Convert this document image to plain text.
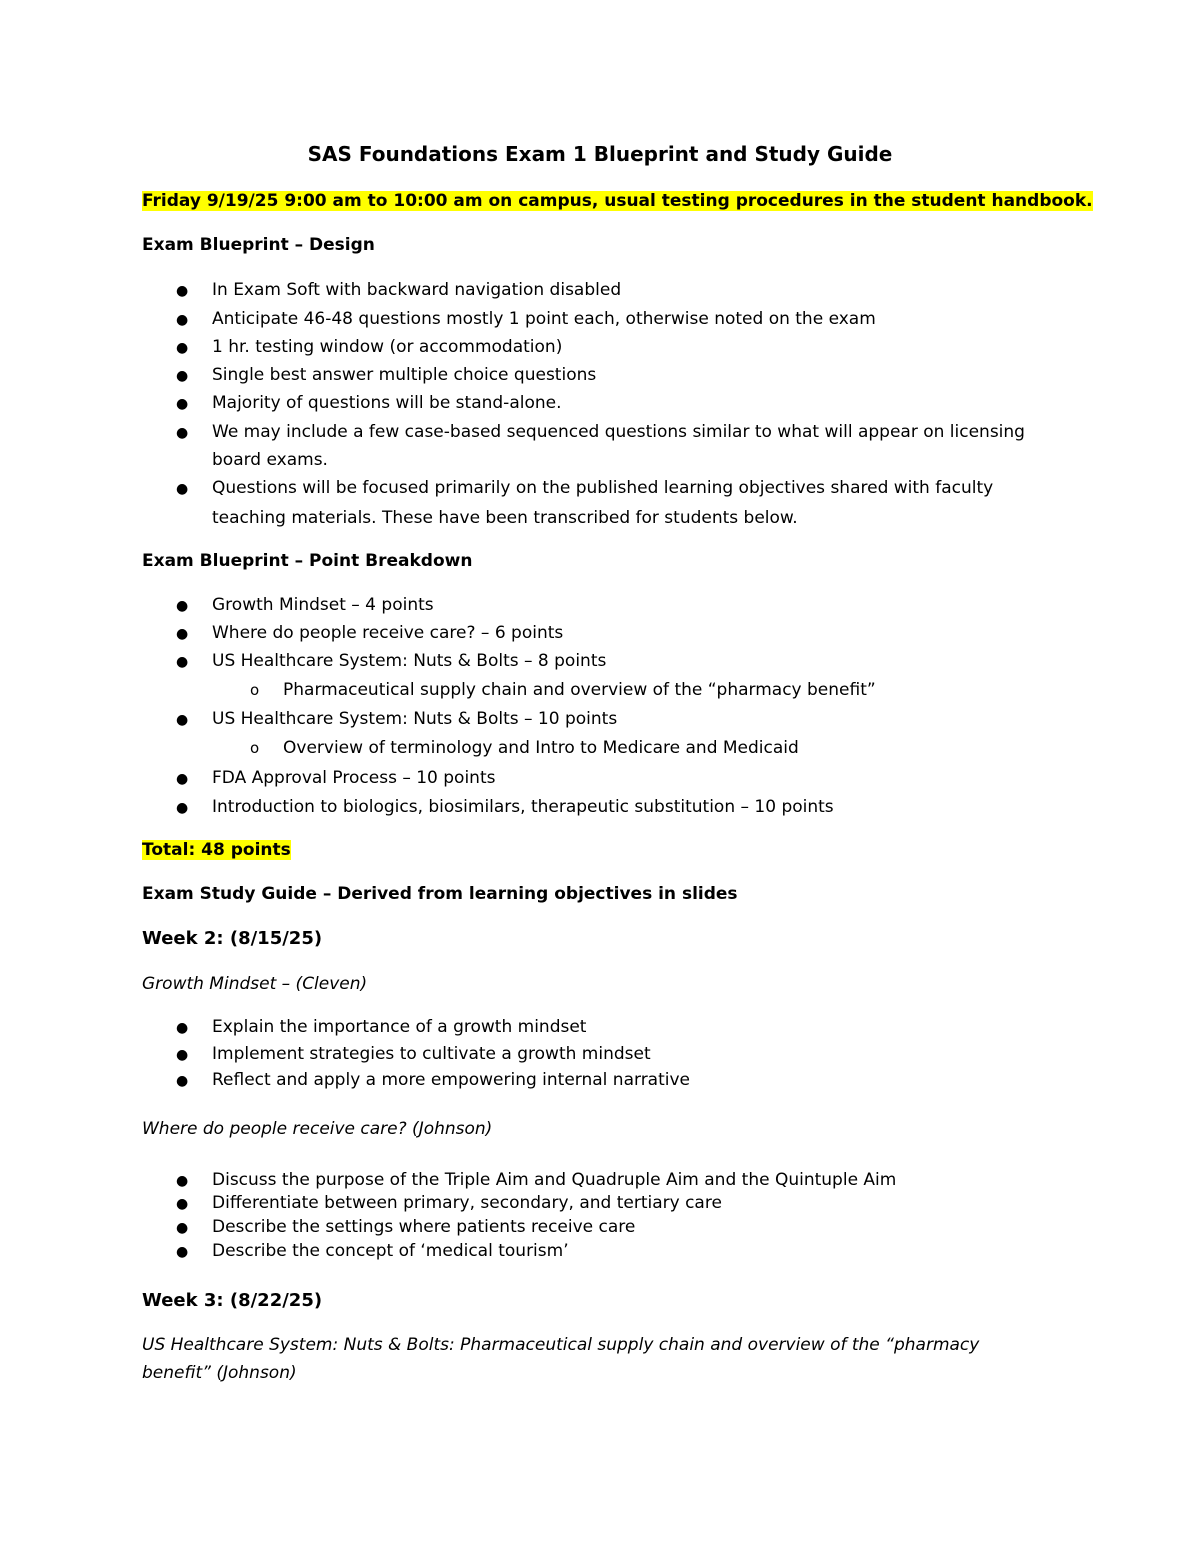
SAS Foundations Exam 1 Blueprint and Study Guide
Friday 9/19/25 9:00 am to 10:00 am on campus, usual testing procedures in the student handbook.
Exam Blueprint – Design
●
In Exam Soft with backward navigation disabled
●
Anticipate 46-48 questions mostly 1 point each, otherwise noted on the exam
●
1 hr. testing window (or accommodation)
●
Single best answer multiple choice questions
●
Majority of questions will be stand-alone.
●
We may include a few case-based sequenced questions similar to what will appear on licensing
board exams.
●
Questions will be focused primarily on the published learning objectives shared with faculty
teaching materials. These have been transcribed for students below.
Exam Blueprint – Point Breakdown
●
Growth Mindset – 4 points
●
Where do people receive care? – 6 points
●
US Healthcare System: Nuts & Bolts – 8 points
o
Pharmaceutical supply chain and overview of the “pharmacy benefit”
●
US Healthcare System: Nuts & Bolts – 10 points
o
Overview of terminology and Intro to Medicare and Medicaid
●
FDA Approval Process – 10 points
●
Introduction to biologics, biosimilars, therapeutic substitution – 10 points
Total: 48 points
Exam Study Guide – Derived from learning objectives in slides
Week 2: (8/15/25)
Growth Mindset – (Cleven)
●
Explain the importance of a growth mindset
●
Implement strategies to cultivate a growth mindset
●
Reflect and apply a more empowering internal narrative
Where do people receive care? (Johnson)
●
Discuss the purpose of the Triple Aim and Quadruple Aim and the Quintuple Aim
●
Differentiate between primary, secondary, and tertiary care
●
Describe the settings where patients receive care
●
Describe the concept of ‘medical tourism’
Week 3: (8/22/25)
US Healthcare System: Nuts & Bolts: Pharmaceutical supply chain and overview of the “pharmacy
benefit” (Johnson)
